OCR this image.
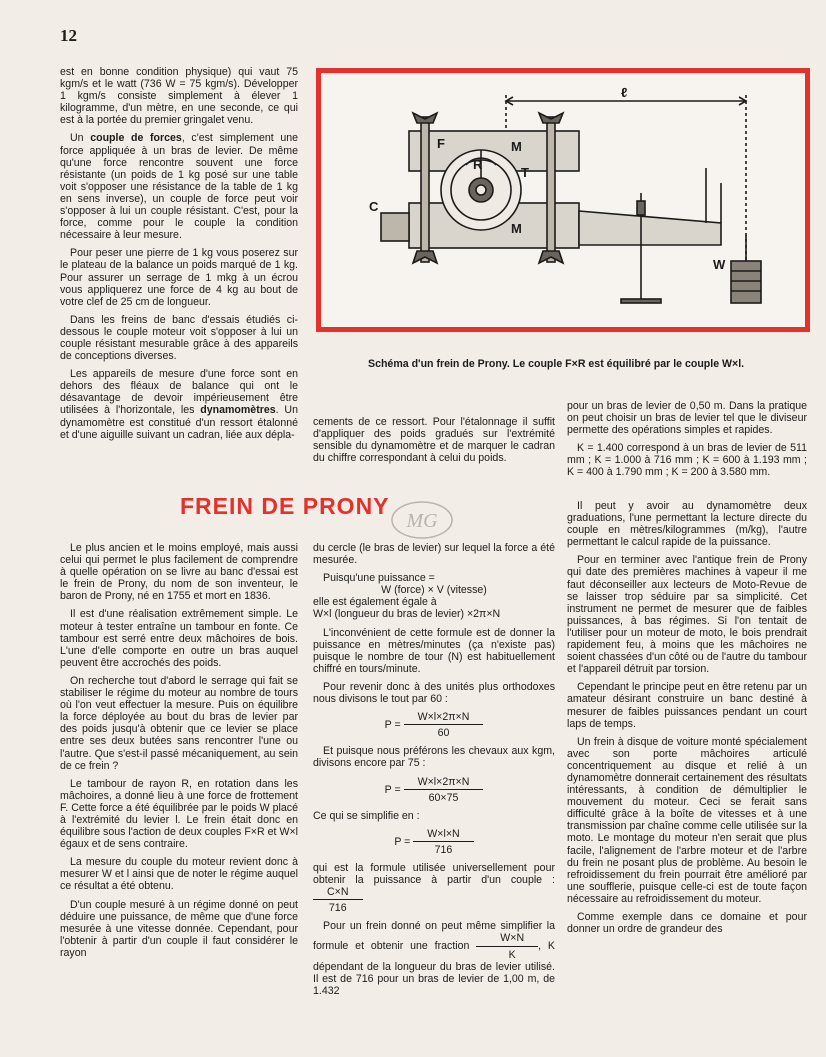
12
ℓ
F	M
M
C
R
T
W
Schéma d'un frein de Prony. Le couple F×R est équilibré par le couple W×l.

est en bonne condition physique) qui vaut 75 kgm/s et le watt (736 W = 75 kgm/s). Développer 1 kgm/s consiste simplement à élever 1 kilogramme, d'un mètre, en une seconde, ce qui est à la portée du premier gringalet venu.

Un couple de forces, c'est simplement une force appliquée à un bras de levier. De même qu'une force rencontre souvent une force résistante (un poids de 1 kg posé sur une table voit s'opposer une résistance de la table de 1 kg en sens inverse), un couple de force peut voir s'opposer à lui un couple résistant. C'est, pour la force, comme pour le couple la condition nécessaire à leur mesure.

Pour peser une pierre de 1 kg vous poserez sur le plateau de la balance un poids marqué de 1 kg. Pour assurer un serrage de 1 mkg à un écrou vous appliquerez une force de 4 kg au bout de votre clef de 25 cm de longueur.

Dans les freins de banc d'essais étudiés ci-dessous le couple moteur voit s'opposer à lui un couple résistant mesurable grâce à des appareils de conceptions diverses.

Les appareils de mesure d'une force sont en dehors des fléaux de balance qui ont le désavantage de devoir impérieusement être utilisées à l'horizontale, les dynamomètres. Un dynamomètre est constitué d'un ressort étalonné et d'une aiguille suivant un cadran, liée aux dépla-

cements de ce ressort. Pour l'étalonnage il suffit d'appliquer des poids gradués sur l'extrémité sensible du dynamomètre et de marquer le cadran du chiffre correspondant à celui du poids.

pour un bras de levier de 0,50 m. Dans la pratique on peut choisir un bras de levier tel que le diviseur permette des opérations simples et rapides.

K = 1.400 correspond à un bras de levier de 511 mm ; K = 1.000 à 716 mm ; K = 600 à 1.193 mm ; K = 400 à 1.790 mm ; K = 200 à 3.580 mm.

FREIN DE PRONY
MG

Le plus ancien et le moins employé, mais aussi celui qui permet le plus facilement de comprendre à quelle opération on se livre au banc d'essai est le frein de Prony, du nom de son inventeur, le baron de Prony, né en 1755 et mort en 1836.

Il est d'une réalisation extrêmement simple. Le moteur à tester entraîne un tambour en fonte. Ce tambour est serré entre deux mâchoires de bois. L'une d'elle comporte en outre un bras auquel peuvent être accrochés des poids.

On recherche tout d'abord le serrage qui fait se stabiliser le régime du moteur au nombre de tours où l'on veut effectuer la mesure. Puis on équilibre la force déployée au bout du bras de levier par des poids jusqu'à obtenir que ce levier se place entre ses deux butées sans rencontrer l'une ou l'autre. Que s'est-il passé mécaniquement, au sein de ce frein ?

Le tambour de rayon R, en rotation dans les mâchoires, a donné lieu à une force de frottement F. Cette force a été équilibrée par le poids W placé à l'extrémité du levier l. Le frein était donc en équilibre sous l'action de deux couples F×R et W×l égaux et de sens contraire.

La mesure du couple du moteur revient donc à mesurer W et l ainsi que de noter le régime auquel ce résultat a été obtenu.

D'un couple mesuré à un régime donné on peut déduire une puissance, de même que d'une force mesurée à une vitesse donnée. Cependant, pour l'obtenir à partir d'un couple il faut considérer le rayon

du cercle (le bras de levier) sur lequel la force a été mesurée.

Puisqu'une puissance =
W (force) × V (vitesse)
elle est également égale à
W×l (longueur du bras de levier) ×2π×N

L'inconvénient de cette formule est de donner la puissance en mètres/minutes (ça n'existe pas) puisque le nombre de tour (N) est habituellement chiffré en tours/minute.

Pour revenir donc à des unités plus orthodoxes nous divisons le tout par 60 :

$P = \frac{W\times l\times 2\pi\times N}{60}$

Et puisque nous préférons les chevaux aux kgm, divisons encore par 75 :

$P = \frac{W\times l\times 2\pi\times N}{60\times 75}$

Ce qui se simplifie en :

$P = \frac{W\times l\times N}{716}$

qui est la formule utilisée universellement pour obtenir la puissance à partir d'un couple :
$\frac{C\times N}{716}$

Pour un frein donné on peut même simplifier la formule et obtenir une fraction $\frac{W\times N}{K}$ , K dépendant de la longueur du bras de levier utilisé. Il est de 716 pour un bras de levier de 1,00 m, de 1.432

Il peut y avoir au dynamomètre deux graduations, l'une permettant la lecture directe du couple en mètres/kilogrammes (m/kg), l'autre permettant le calcul rapide de la puissance.

Pour en terminer avec l'antique frein de Prony qui date des premières machines à vapeur il me faut déconseiller aux lecteurs de Moto-Revue de se laisser trop séduire par sa simplicité. Cet instrument ne permet de mesurer que de faibles puissances, à bas régimes. Si l'on tentait de l'utiliser pour un moteur de moto, le bois prendrait rapidement feu, à moins que les mâchoires ne soient chassées d'un côté ou de l'autre du tambour et l'appareil détruit par torsion.

Cependant le principe peut en être retenu par un amateur désirant construire un banc destiné à mesurer de faibles puissances pendant un court laps de temps.

Un frein à disque de voiture monté spécialement avec son porte mâchoires articulé concentriquement au disque et relié à un dynamomètre donnerait certainement des résultats intéressants, à condition de démultiplier le mouvement du moteur. Ceci se ferait sans difficulté grâce à la boîte de vitesses et à une transmission par chaîne comme celle utilisée sur la moto. Le montage du moteur n'en serait que plus facile, l'alignement de l'arbre moteur et de l'arbre du frein ne posant plus de problème. Au besoin le refroidissement du frein pourrait être amélioré par une soufflerie, puisque celle-ci est de toute façon nécessaire au refroidissement du moteur.

Comme exemple dans ce domaine et pour donner un ordre de grandeur des
